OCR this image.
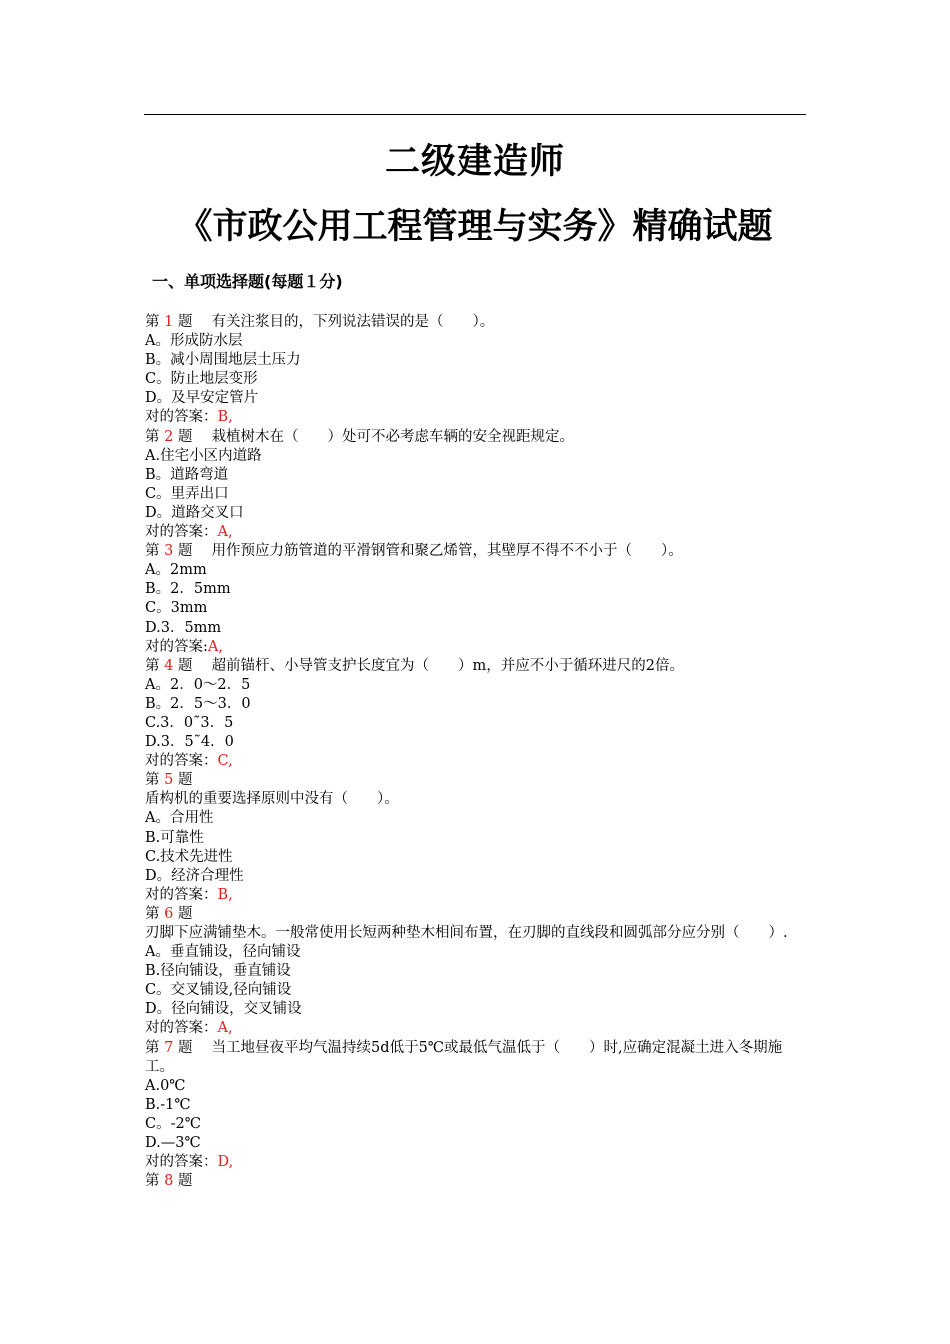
二级建造师
《市政公用工程管理与实务》精确试题
一、单项选择题(每题１分)
第 1 题　 有关注浆目的，下列说法错误的是（　　）。
A。形成防水层
B。减小周围地层土压力
C。防止地层变形
D。及早安定管片
对的答案：B,
第 2 题　 栽植树木在（　　）处可不必考虑车辆的安全视距规定。
A.住宅小区内道路
B。道路弯道
C。里弄出口
D。道路交叉口
对的答案：A,
第 3 题　 用作预应力筋管道的平滑钢管和聚乙烯管，其壁厚不得不不小于（　　）。
A。2mm
B。2．5mm
C。3mm
D.3．5mm
对的答案:A,
第 4 题　 超前锚杆、小导管支护长度宜为（　　）m，并应不小于循环进尺的2倍。
A。2．0～2．5
B。2．5～3．0
C.3．0˜3．5
D.3．5˜4．0
对的答案：C,
第 5 题
盾构机的重要选择原则中没有（　　）。
A。合用性
B.可靠性
C.技术先进性
D。经济合理性
对的答案：B,
第 6 题
刃脚下应满铺垫木。一般常使用长短两种垫木相间布置，在刃脚的直线段和圆弧部分应分别（　　）.
A。垂直铺设，径向铺设
B.径向铺设，垂直铺设
C。交叉铺设,径向铺设
D。径向铺设，交叉铺设
对的答案：A,
第 7 题　 当工地昼夜平均气温持续5d低于5℃或最低气温低于（　　）时,应确定混凝土进入冬期施工。
A.0℃
B.-1℃
C。-2℃
D.—3℃
对的答案：D,
第 8 题
